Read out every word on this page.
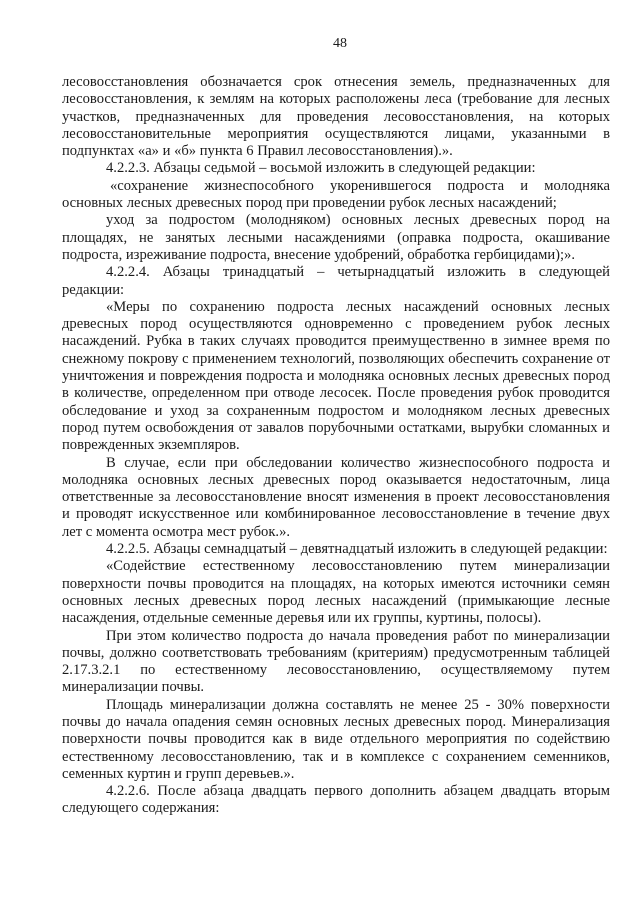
48

лесовосстановления обозначается срок отнесения земель, предназначенных для лесовосстановления, к землям на которых расположены леса (требование для лесных участков, предназначенных для проведения лесовосстановления, на которых лесовосстановительные мероприятия осуществляются лицами, указанными в подпунктах «а» и «б» пункта 6 Правил лесовосстановления).».

4.2.2.3. Абзацы седьмой – восьмой изложить в следующей редакции:

«сохранение жизнеспособного укоренившегося подроста и молодняка основных лесных древесных пород при проведении рубок лесных насаждений;

уход за подростом (молодняком) основных лесных древесных пород на площадях, не занятых лесными насаждениями (оправка подроста, окашивание подроста, изреживание подроста, внесение удобрений, обработка гербицидами);».

4.2.2.4. Абзацы тринадцатый – четырнадцатый изложить в следующей редакции:

«Меры по сохранению подроста лесных насаждений основных лесных древесных пород осуществляются одновременно с проведением рубок лесных насаждений. Рубка в таких случаях проводится преимущественно в зимнее время по снежному покрову с применением технологий, позволяющих обеспечить сохранение от уничтожения и повреждения подроста и молодняка основных лесных древесных пород в количестве, определенном при отводе лесосек. После проведения рубок проводится обследование и уход за сохраненным подростом и молодняком лесных древесных пород путем освобождения от завалов порубочными остатками, вырубки сломанных и поврежденных экземпляров.

В случае, если при обследовании количество жизнеспособного подроста и молодняка основных лесных древесных пород оказывается недостаточным, лица ответственные за лесовосстановление вносят изменения в проект лесовосстановления и проводят искусственное или комбинированное лесовосстановление в течение двух лет с момента осмотра мест рубок.».

4.2.2.5. Абзацы семнадцатый – девятнадцатый изложить в следующей редакции:

«Содействие естественному лесовосстановлению путем минерализации поверхности почвы проводится на площадях, на которых имеются источники семян основных лесных древесных пород лесных насаждений (примыкающие лесные насаждения, отдельные семенные деревья или их группы, куртины, полосы).

При этом количество подроста до начала проведения работ по минерализации почвы, должно соответствовать требованиям (критериям) предусмотренным таблицей 2.17.3.2.1 по естественному лесовосстановлению, осуществляемому путем минерализации почвы.

Площадь минерализации должна составлять не менее 25 - 30% поверхности почвы до начала опадения семян основных лесных древесных пород. Минерализация поверхности почвы проводится как в виде отдельного мероприятия по содействию естественному лесовосстановлению, так и в комплексе с сохранением семенников, семенных куртин и групп деревьев.».

4.2.2.6. После абзаца двадцать первого дополнить абзацем двадцать вторым следующего содержания:
